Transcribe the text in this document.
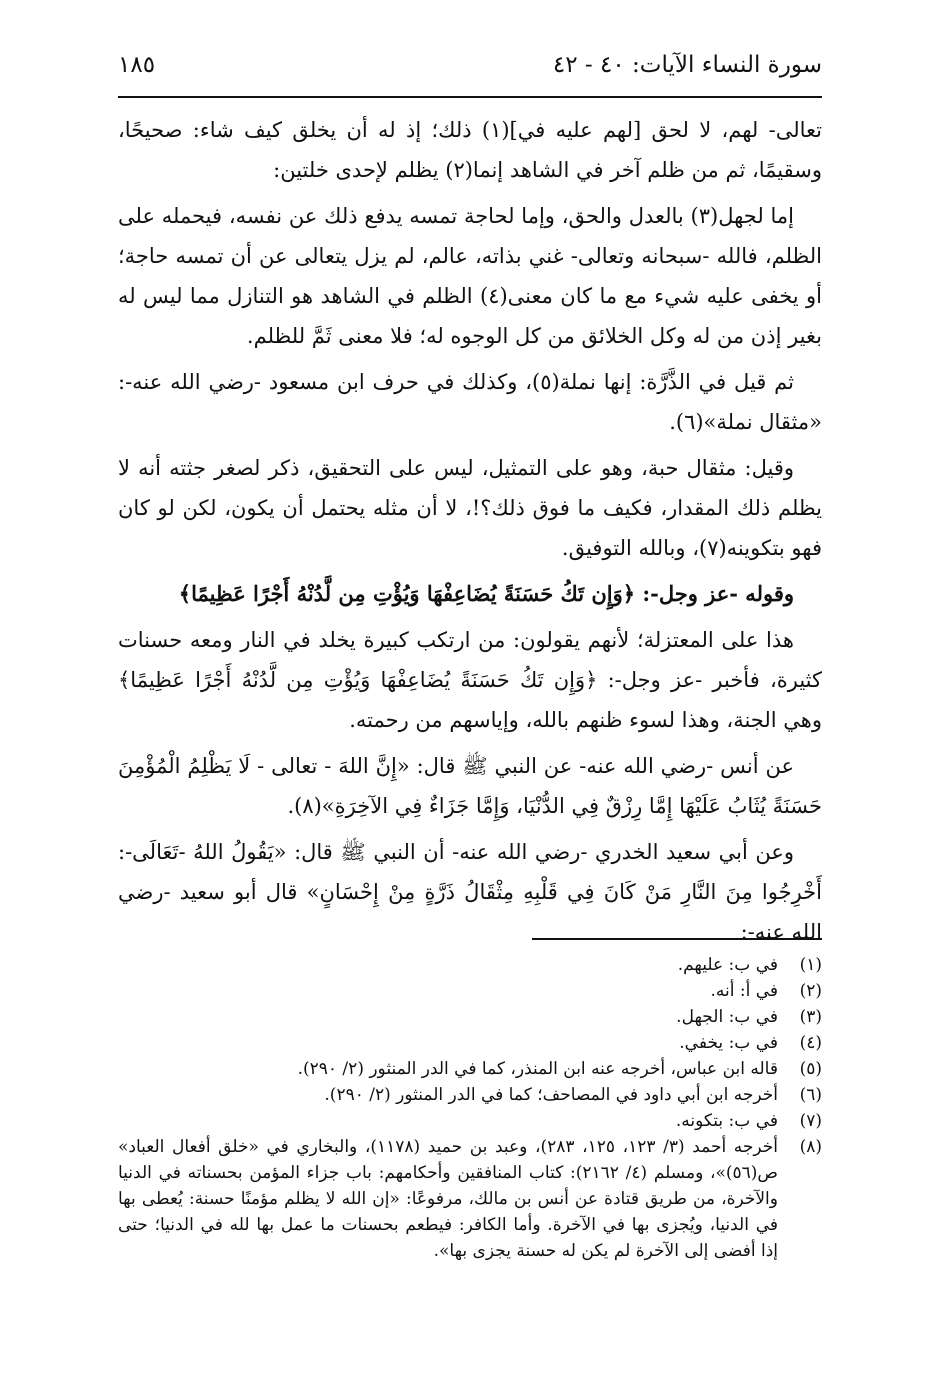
سورة النساء الآيات: ٤٠ - ٤٢
١٨٥

تعالى- لهم، لا لحق [لهم عليه في](١) ذلك؛ إذ له أن يخلق كيف شاء: صحيحًا، وسقيمًا، ثم من ظلم آخر في الشاهد إنما(٢) يظلم لإحدى خلتين:

إما لجهل(٣) بالعدل والحق، وإما لحاجة تمسه يدفع ذلك عن نفسه، فيحمله على الظلم، فالله -سبحانه وتعالى- غني بذاته، عالم، لم يزل يتعالى عن أن تمسه حاجة؛ أو يخفى عليه شيء مع ما كان معنى(٤) الظلم في الشاهد هو التنازل مما ليس له بغير إذن من له وكل الخلائق من كل الوجوه له؛ فلا معنى ثَمَّ للظلم.

ثم قيل في الذَّرَّة: إنها نملة(٥)، وكذلك في حرف ابن مسعود -رضي الله عنه-: «مثقال نملة»(٦).

وقيل: مثقال حبة، وهو على التمثيل، ليس على التحقيق، ذكر لصغر جثته أنه لا يظلم ذلك المقدار، فكيف ما فوق ذلك؟!، لا أن مثله يحتمل أن يكون، لكن لو كان فهو بتكوينه(٧)، وبالله التوفيق.

وقوله -عز وجل-: ﴿وَإِن تَكُ حَسَنَةً يُضَاعِفْهَا وَيُؤْتِ مِن لَّدُنْهُ أَجْرًا عَظِيمًا﴾

هذا على المعتزلة؛ لأنهم يقولون: من ارتكب كبيرة يخلد في النار ومعه حسنات كثيرة، فأخبر -عز وجل-: ﴿وَإِن تَكُ حَسَنَةً يُضَاعِفْهَا وَيُؤْتِ مِن لَّدُنْهُ أَجْرًا عَظِيمًا﴾ وهي الجنة، وهذا لسوء ظنهم بالله، وإياسهم من رحمته.

عن أنس -رضي الله عنه- عن النبي ﷺ قال: «إِنَّ اللهَ - تعالى - لَا يَظْلِمُ الْمُؤْمِنَ حَسَنَةً يُثَابُ عَلَيْهَا إِمَّا رِزْقٌ فِي الدُّنْيَا، وَإِمَّا جَزَاءٌ فِي الآخِرَةِ»(٨).

وعن أبي سعيد الخدري -رضي الله عنه- أن النبي ﷺ قال: «يَقُولُ اللهُ -تَعَالَى-: أَخْرِجُوا مِنَ النَّارِ مَنْ كَانَ فِي قَلْبِهِ مِثْقَالُ ذَرَّةٍ مِنْ إِحْسَانٍ» قال أبو سعيد -رضي الله عنه-:

(١)
في ب: عليهم.
(٢)
في أ: أنه.
(٣)
في ب: الجهل.
(٤)
في ب: يخفي.
(٥)
قاله ابن عباس، أخرجه عنه ابن المنذر، كما في الدر المنثور (٢/ ٢٩٠).
(٦)
أخرجه ابن أبي داود في المصاحف؛ كما في الدر المنثور (٢/ ٢٩٠).
(٧)
في ب: بتكونه.
(٨)
أخرجه أحمد (٣/ ١٢٣، ١٢٥، ٢٨٣)، وعبد بن حميد (١١٧٨)، والبخاري في «خلق أفعال العباد» ص(٥٦)»، ومسلم (٤/ ٢١٦٢): كتاب المنافقين وأحكامهم: باب جزاء المؤمن بحسناته في الدنيا والآخرة، من طريق قتادة عن أنس بن مالك، مرفوعًا: «إن الله لا يظلم مؤمنًا حسنة: يُعطى بها في الدنيا، ويُجزى بها في الآخرة. وأما الكافر: فيطعم بحسنات ما عمل بها لله في الدنيا؛ حتى إذا أفضى إلى الآخرة لم يكن له حسنة يجزى بها».
